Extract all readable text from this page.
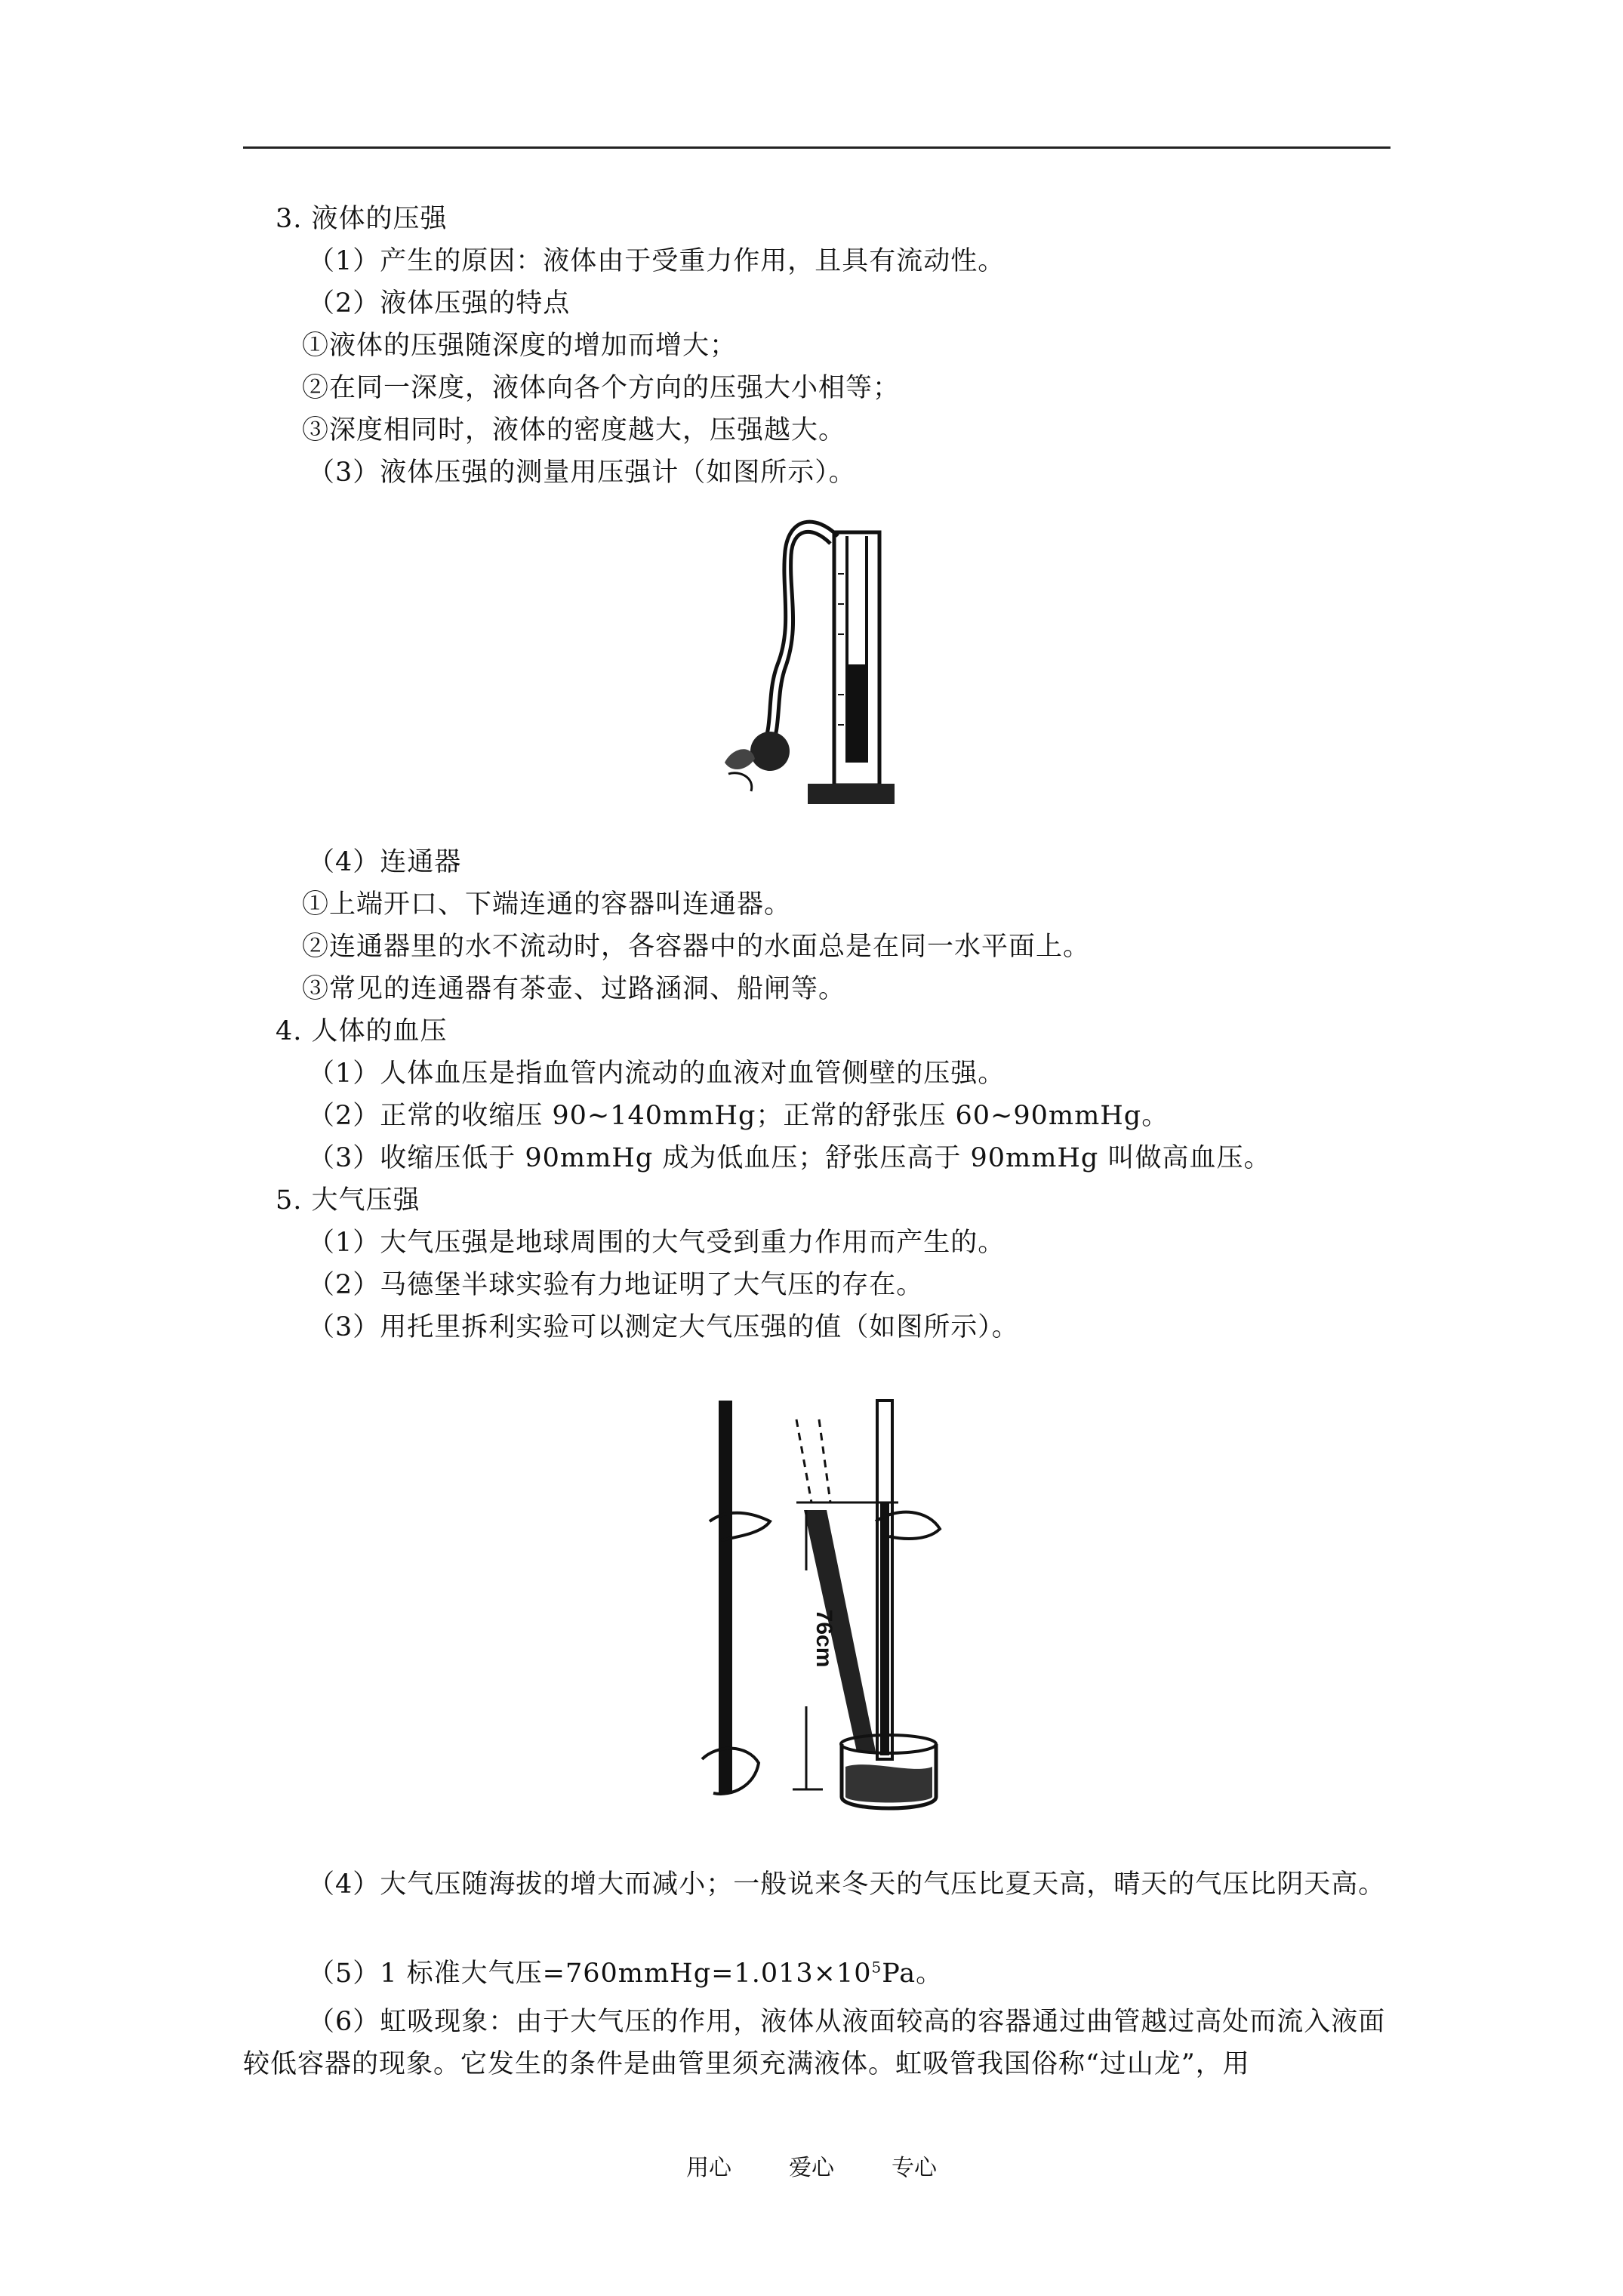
3. 液体的压强
（1）产生的原因：液体由于受重力作用，且具有流动性。
（2）液体压强的特点
①液体的压强随深度的增加而增大；
②在同一深度，液体向各个方向的压强大小相等；
③深度相同时，液体的密度越大，压强越大。
（3）液体压强的测量用压强计（如图所示）。
（4）连通器
①上端开口、下端连通的容器叫连通器。
②连通器里的水不流动时，各容器中的水面总是在同一水平面上。
③常见的连通器有茶壶、过路涵洞、船闸等。
4. 人体的血压
（1）人体血压是指血管内流动的血液对血管侧壁的压强。
（2）正常的收缩压 90~140mmHg；正常的舒张压 60~90mmHg。
（3）收缩压低于 90mmHg 成为低血压；舒张压高于 90mmHg 叫做高血压。
5. 大气压强
（1）大气压强是地球周围的大气受到重力作用而产生的。
（2）马德堡半球实验有力地证明了大气压的存在。
（3）用托里拆利实验可以测定大气压强的值（如图所示）。
76cm
（4）大气压随海拔的增大而减小；一般说来冬天的气压比夏天高，晴天的气压比阴天高。
（5）1 标准大气压$=760mmHg=1.013\times 10^5Pa$。
（6）虹吸现象：由于大气压的作用，液体从液面较高的容器通过曲管越过高处而流入液面较低容器的现象。它发生的条件是曲管里须充满液体。虹吸管我国俗称“过山龙”，用
用心	爱心	专心
